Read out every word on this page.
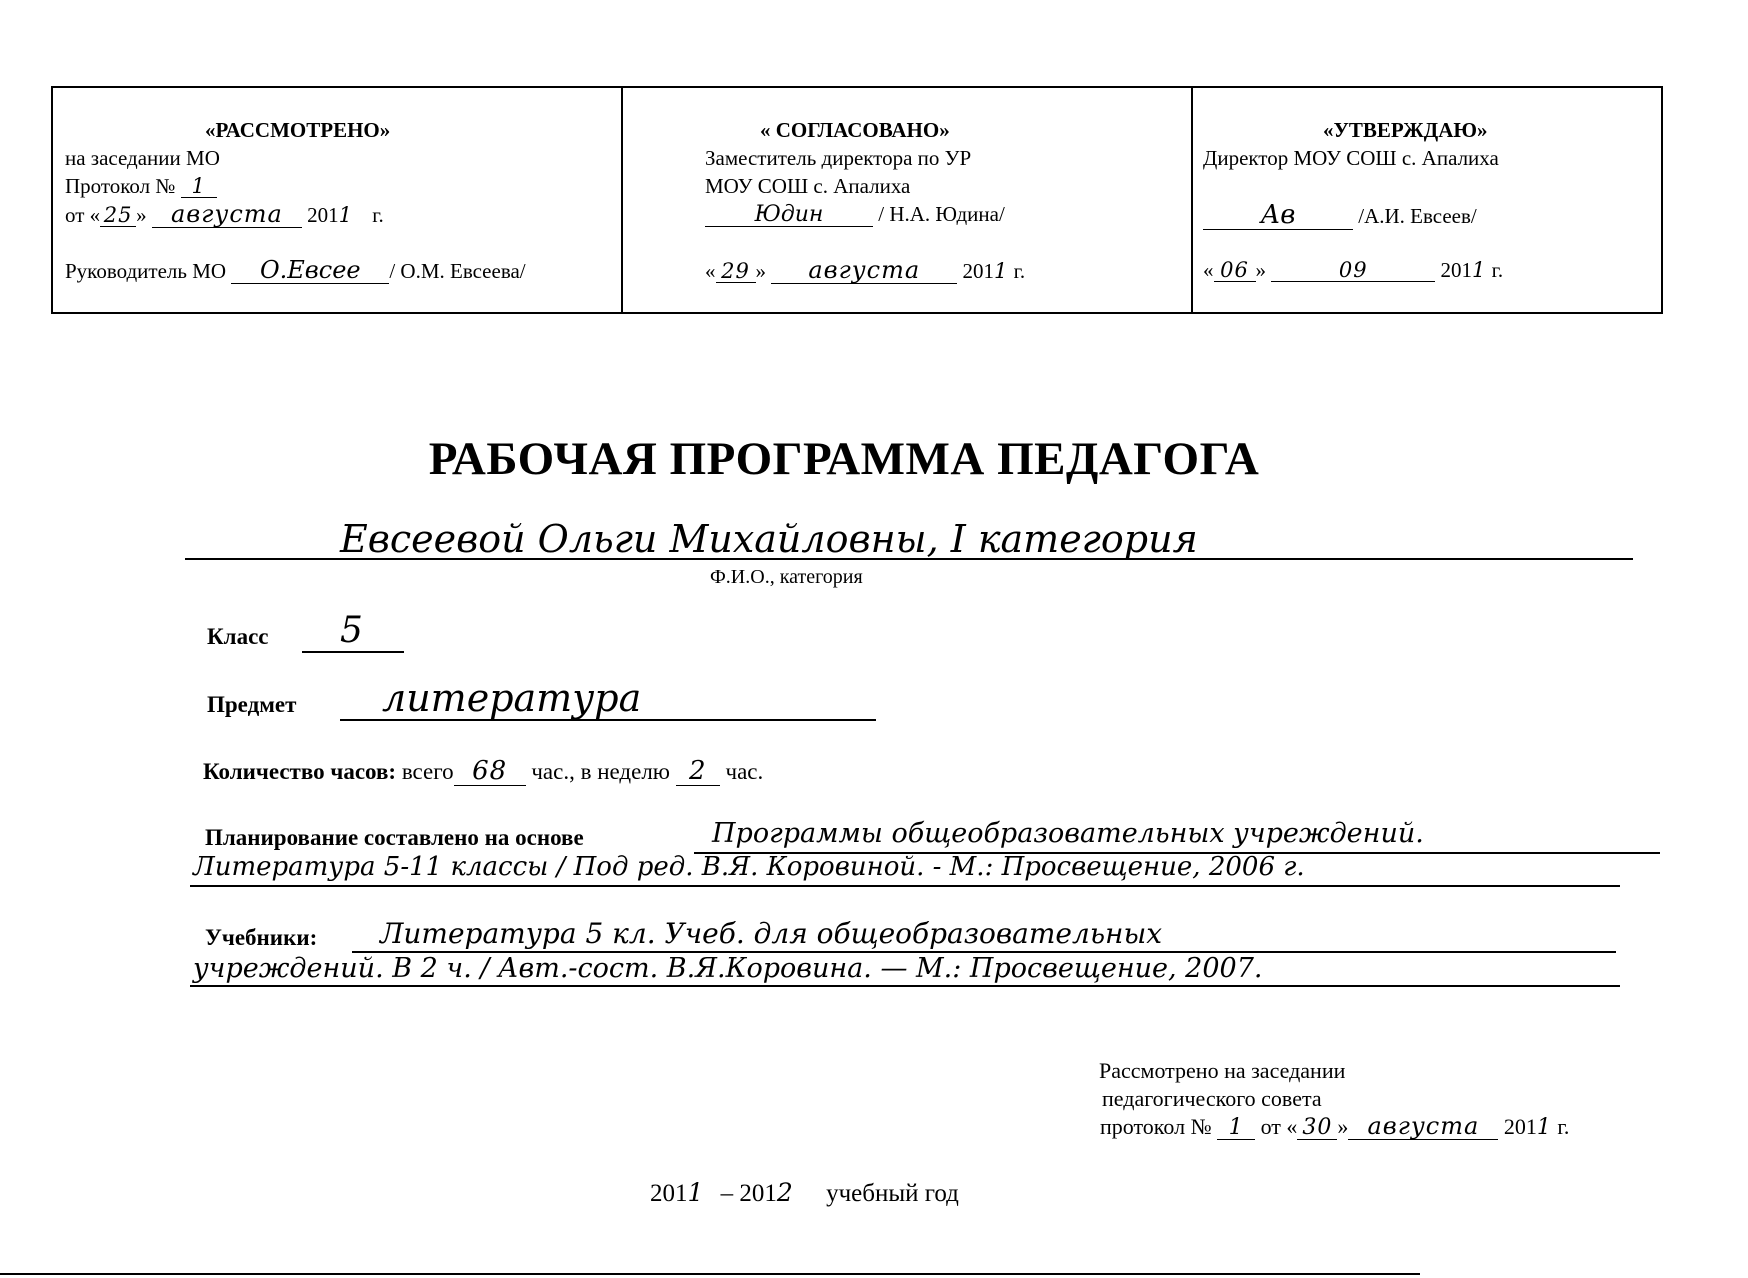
«РАССМОТРЕНО»
на заседании МО
Протокол № 1
от « 25 » августа 2011 г.
Руководитель МО О.Евсее / О.М. Евсеева/
« СОГЛАСОВАНО»
Заместитель директора по УР
МОУ СОШ с. Апалиха
Юдин	/ Н.А. Юдина/
« 29 » августа 2011 г.
«УТВЕРЖДАЮ»
Директор МОУ СОШ с. Апалиха
Ав	/А.И. Евсеев/
« 06 »	09	2011 г.
РАБОЧАЯ ПРОГРАММА ПЕДАГОГА
Евсеевой Ольги Михайловны, I категория
Ф.И.О., категория
Класс 5
Предмет литература
Количество часов: всего 68 час., в неделю 2 час.
Планирование составлено на основе	Программы общеобразовательных учреждений.
Литература 5-11 классы / Под ред. В.Я. Коровиной. - М.: Просвещение, 2006 г.
Учебники: Литература 5 кл. Учеб. для общеобразовательных
учреждений. В 2 ч. / Авт.-сост. В.Я.Коровина. — М.: Просвещение, 2007.
Рассмотрено на заседании
педагогического совета
протокол № 1 от « 30 » августа 2011 г.
2011 – 2012 учебный год
